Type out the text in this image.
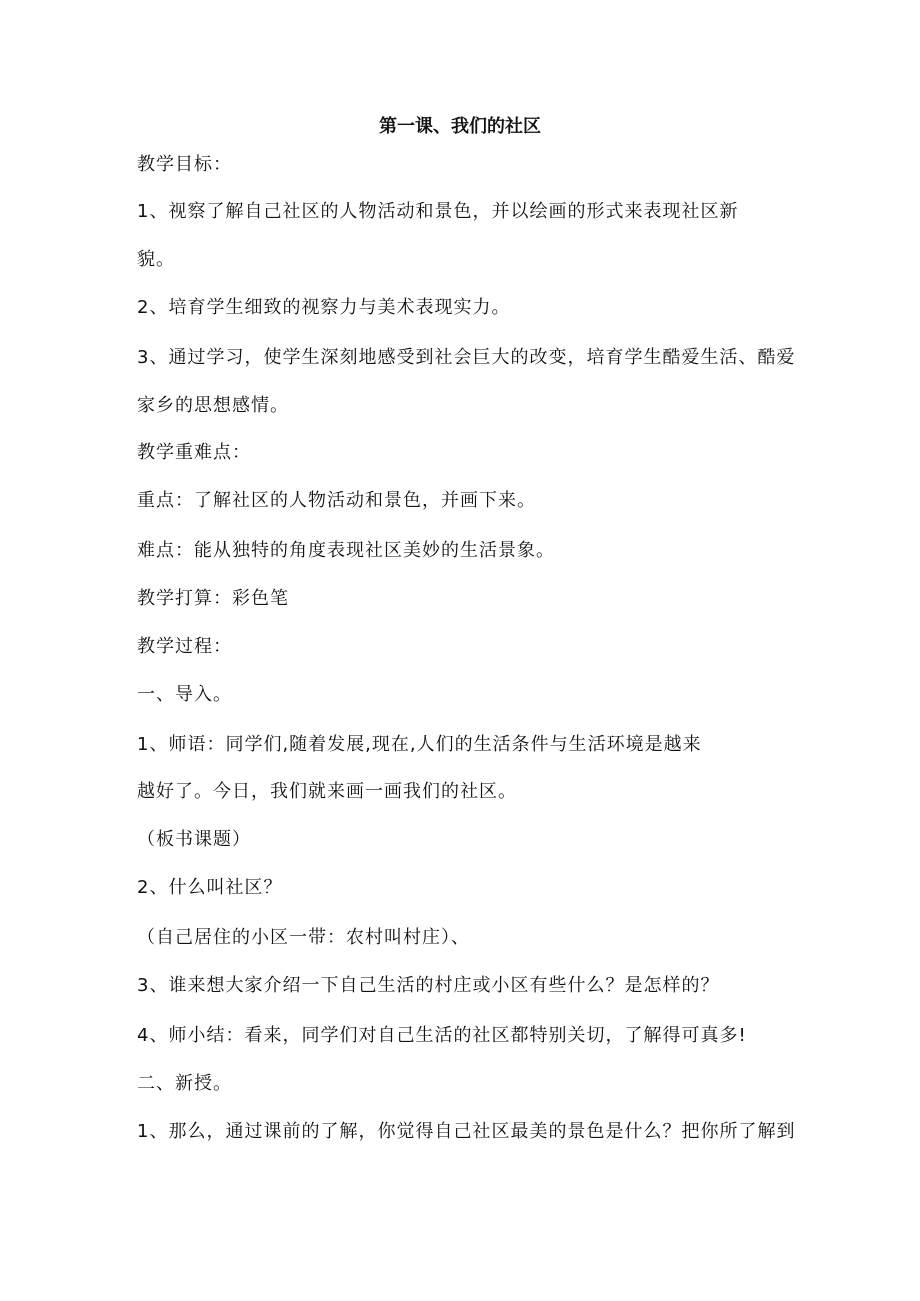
第一课、我们的社区
教学目标：
1、视察了解自己社区的人物活动和景色，并以绘画的形式来表现社区新
貌。
2、培育学生细致的视察力与美术表现实力。
3、通过学习，使学生深刻地感受到社会巨大的改变，培育学生酷爱生活、酷爱
家乡的思想感情。
教学重难点：
重点：了解社区的人物活动和景色，并画下来。
难点：能从独特的角度表现社区美妙的生活景象。
教学打算：彩色笔
教学过程：
一、导入。
1、师语：同学们,随着发展,现在,人们的生活条件与生活环境是越来
越好了。今日，我们就来画一画我们的社区。
（板书课题）
2、什么叫社区？
（自己居住的小区一带：农村叫村庄）、
3、谁来想大家介绍一下自己生活的村庄或小区有些什么？是怎样的？
4、师小结：看来，同学们对自己生活的社区都特别关切，了解得可真多!
二、新授。
1、那么，通过课前的了解，你觉得自己社区最美的景色是什么？把你所了解到
